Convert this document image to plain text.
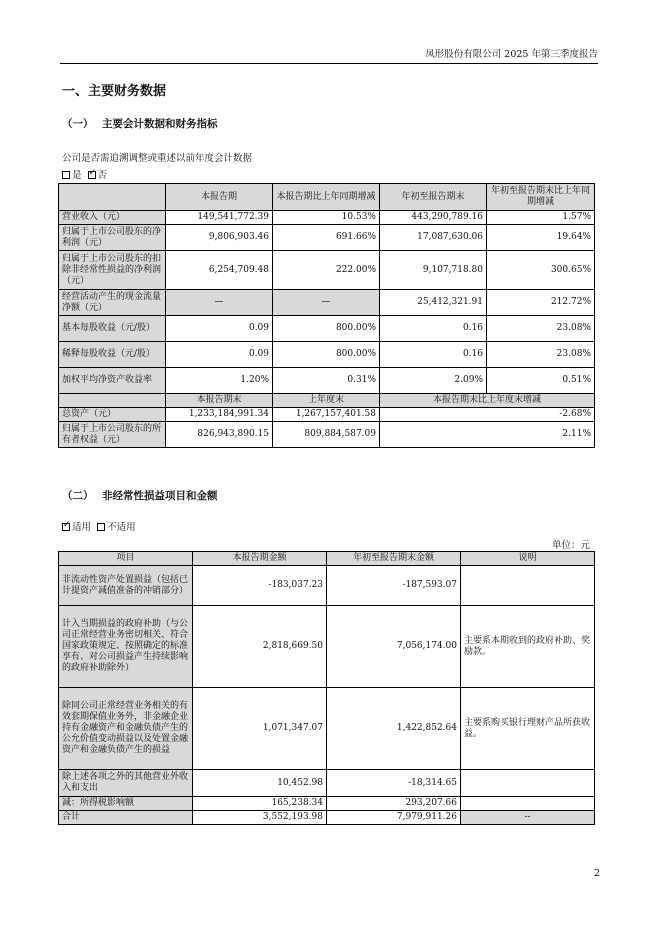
凤形股份有限公司 2025 年第三季度报告
一、主要财务数据
（一） 主要会计数据和财务指标
公司是否需追溯调整或重述以前年度会计数据
是 ✓ 否
	本报告期	本报告期比上年同期增减	年初至报告期末	年初至报告期末比上年同期增减
营业收入（元）	149,541,772.39	10.53%	443,290,789.16	1.57%
归属于上市公司股东的净利润（元）	9,806,903.46	691.66%	17,087,630.06	19.64%
归属于上市公司股东的扣除非经常性损益的净利润（元）	6,254,709.48	222.00%	9,107,718.80	300.65%
经营活动产生的现金流量净额（元）	—	—	25,412,321.91	212.72%
基本每股收益（元/股）	0.09	800.00%	0.16	23.08%
稀释每股收益（元/股）	0.09	800.00%	0.16	23.08%
加权平均净资产收益率	1.20%	0.31%	2.09%	0.51%
	本报告期末	上年度末	本报告期末比上年度末增减	
总资产（元）	1,233,184,991.34	1,267,157,401.58	-2.68%	
归属于上市公司股东的所有者权益（元）	826,943,890.15	809,884,587.09	2.11%	
（二） 非经常性损益项目和金额
✓适用 不适用
单位：元
项目	本报告期金额	年初至报告期末金额	说明
非流动性资产处置损益（包括已计提资产减值准备的冲销部分）	-183,037.23	-187,593.07	
计入当期损益的政府补助（与公司正常经营业务密切相关、符合国家政策规定、按照确定的标准享有、对公司损益产生持续影响的政府补助除外）	2,818,669.50	7,056,174.00	主要系本期收到的政府补助、奖励款。
除同公司正常经营业务相关的有效套期保值业务外，非金融企业持有金融资产和金融负债产生的公允价值变动损益以及处置金融资产和金融负债产生的损益	1,071,347.07	1,422,852.64	主要系购买银行理财产品所获收益。
除上述各项之外的其他营业外收入和支出	10,452.98	-18,314.65	
减：所得税影响额	165,238.34	293,207.66	
合计	3,552,193.98	7,979,911.26	--
2
